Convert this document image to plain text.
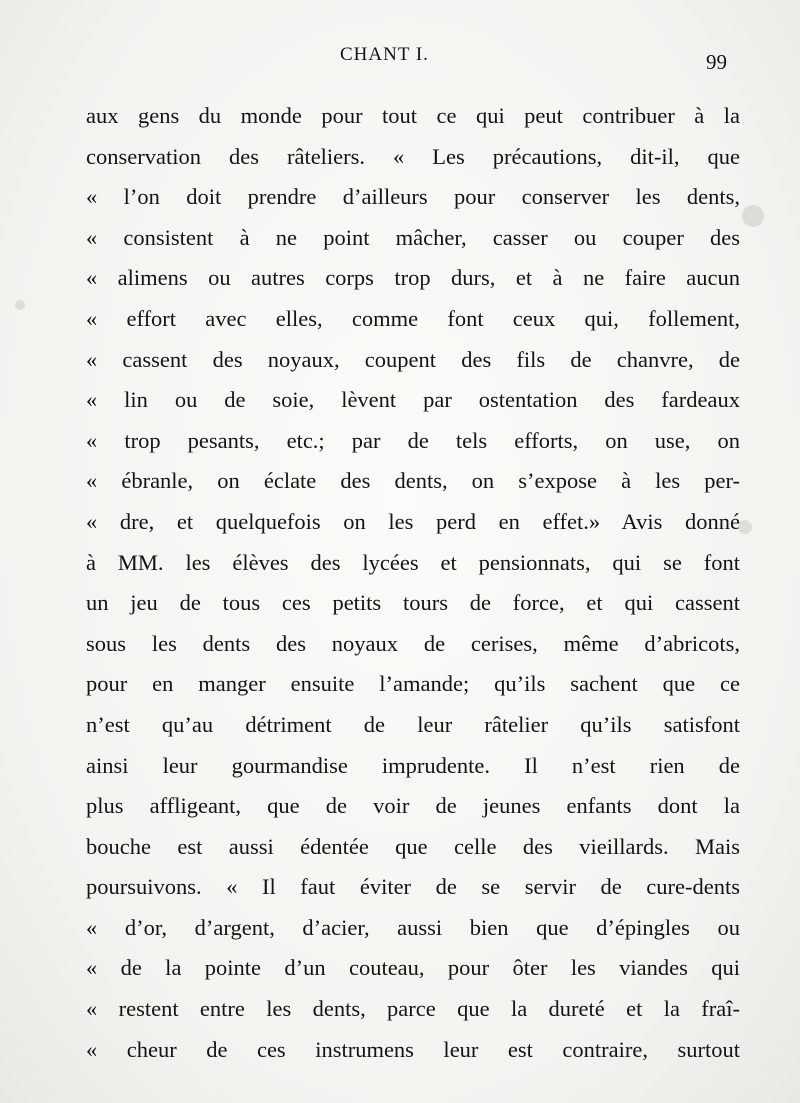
CHANT I.	99
aux gens du monde pour tout ce qui peut contribuer à la
conservation des râteliers. « Les précautions, dit-il, que
« l’on doit prendre d’ailleurs pour conserver les dents,
« consistent à ne point mâcher, casser ou couper des
« alimens ou autres corps trop durs, et à ne faire aucun
« effort avec elles, comme font ceux qui, follement,
« cassent des noyaux, coupent des fils de chanvre, de
« lin ou de soie, lèvent par ostentation des fardeaux
« trop pesants, etc.; par de tels efforts, on use, on
« ébranle, on éclate des dents, on s’expose à les per-
« dre, et quelquefois on les perd en effet.» Avis donné
à MM. les élèves des lycées et pensionnats, qui se font
un jeu de tous ces petits tours de force, et qui cassent
sous les dents des noyaux de cerises, même d’abricots,
pour en manger ensuite l’amande; qu’ils sachent que ce
n’est qu’au détriment de leur râtelier qu’ils satisfont
ainsi leur gourmandise imprudente. Il n’est rien de
plus affligeant, que de voir de jeunes enfants dont la
bouche est aussi édentée que celle des vieillards. Mais
poursuivons. « Il faut éviter de se servir de cure-dents
« d’or, d’argent, d’acier, aussi bien que d’épingles ou
« de la pointe d’un couteau, pour ôter les viandes qui
« restent entre les dents, parce que la dureté et la fraî-
« cheur de ces instrumens leur est contraire, surtout
